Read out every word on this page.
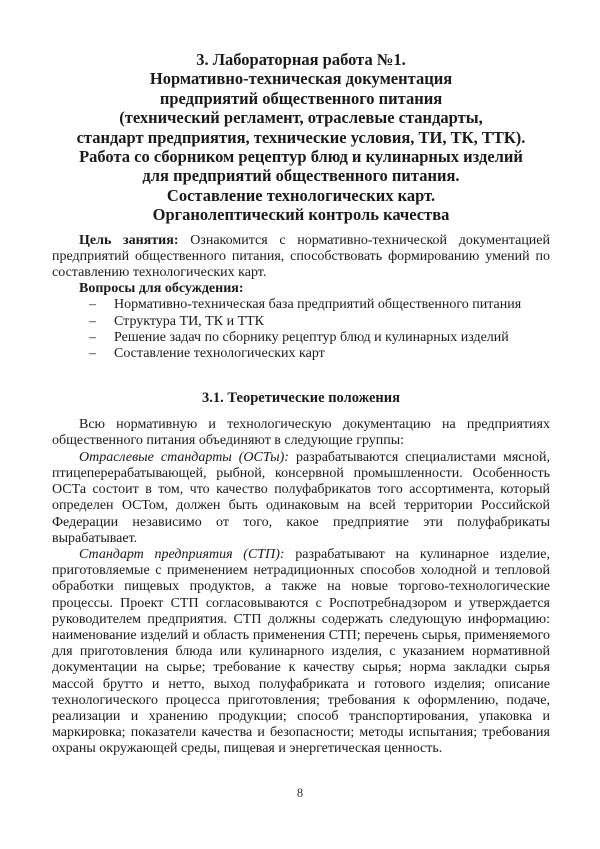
3. Лабораторная работа №1.
Нормативно-техническая документация
предприятий общественного питания
(технический регламент, отраслевые стандарты,
стандарт предприятия, технические условия, ТИ, ТК, ТТК).
Работа со сборником рецептур блюд и кулинарных изделий
для предприятий общественного питания.
Составление технологических карт.
Органолептический контроль качества

Цель занятия: Ознакомится с нормативно-технической документацией предприятий общественного питания, способствовать формированию умений по составлению технологических карт.

Вопросы для обсуждения:

–	Нормативно-техническая база предприятий общественного питания
–	Структура ТИ, ТК и ТТК
–	Решение задач по сборнику рецептур блюд и кулинарных изделий
–	Составление технологических карт
3.1. Теоретические положения

Всю нормативную и технологическую документацию на предприятиях общественного питания объединяют в следующие группы:

Отраслевые стандарты (ОСТы): разрабатываются специалистами мясной, птицеперерабатывающей, рыбной, консервной промышленности. Особенность ОСТа состоит в том, что качество полуфабрикатов того ассортимента, который определен ОСТом, должен быть одинаковым на всей территории Российской Федерации независимо от того, какое предприятие эти полуфабрикаты вырабатывает.

Стандарт предприятия (СТП): разрабатывают на кулинарное изделие, приготовляемые с применением нетрадиционных способов холодной и тепловой обработки пищевых продуктов, а также на новые торгово-технологические процессы. Проект СТП согласовываются с Роспотребнадзором и утверждается руководителем предприятия. СТП должны содержать следующую информацию: наименование изделий и область применения СТП; перечень сырья, применяемого для приготовления блюда или кулинарного изделия, с указанием нормативной документации на сырье; требование к качеству сырья; норма закладки сырья массой брутто и нетто, выход полуфабриката и готового изделия; описание технологического процесса приготовления; требования к оформлению, подаче, реализации и хранению продукции; способ транспортирования, упаковка и маркировка; показатели качества и безопасности; методы испытания; требования охраны окружающей среды, пищевая и энергетическая ценность.

8
